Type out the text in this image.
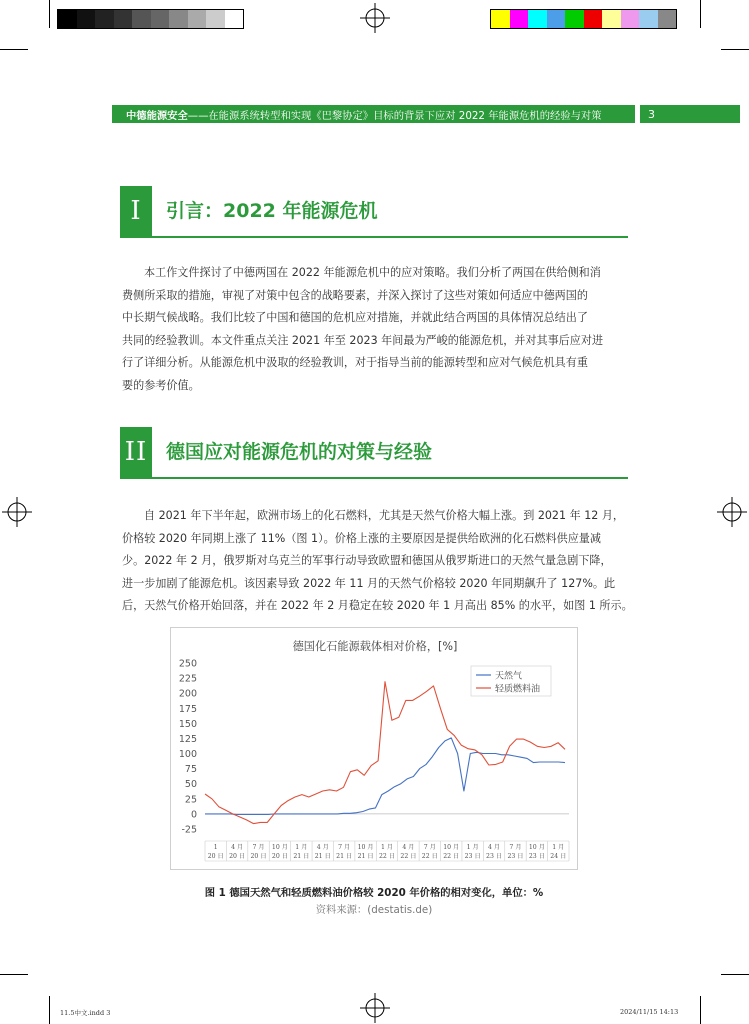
中德能源安全——在能源系统转型和实现《巴黎协定》目标的背景下应对 2022 年能源危机的经验与对策	3
I	引言：2022 年能源危机
本工作文件探讨了中德两国在 2022 年能源危机中的应对策略。我们分析了两国在供给侧和消
费侧所采取的措施，审视了对策中包含的战略要素，并深入探讨了这些对策如何适应中德两国的
中长期气候战略。我们比较了中国和德国的危机应对措施，并就此结合两国的具体情况总结出了
共同的经验教训。本文件重点关注 2021 年至 2023 年间最为严峻的能源危机，并对其事后应对进
行了详细分析。从能源危机中汲取的经验教训，对于指导当前的能源转型和应对气候危机具有重
要的参考价值。
II 德国应对能源危机的对策与经验
自 2021 年下半年起，欧洲市场上的化石燃料，尤其是天然气价格大幅上涨。到 2021 年 12 月，
价格较 2020 年同期上涨了 11%（图 1）。价格上涨的主要原因是提供给欧洲的化石燃料供应量减
少。2022 年 2 月，俄罗斯对乌克兰的军事行动导致欧盟和德国从俄罗斯进口的天然气量急剧下降，
进一步加剧了能源危机。该因素导致 2022 年 11 月的天然气价格较 2020 年同期飙升了 127%。此
后，天然气价格开始回落，并在 2022 年 2 月稳定在较 2020 年 1 月高出 85% 的水平，如图 1 所示。
德国化石能源载体相对价格，[%]
-25
0
25
50
75
100
125
150
175
200
225
250
1
20 日
4 月
20 日
7 月
20 日
10 月
20 日
1 月
21 日
4 月
21 日
7 月
21 日
10 月
21 日
1 月
22 日
4 月
22 日
7 月
22 日
10 月
22 日
1 月
23 日
4 月
23 日
7 月
23 日
10 月
23 日
1 月
24 日
天然气
轻质燃料油
图 1 德国天然气和轻质燃料油价格较 2020 年价格的相对变化，单位：%
资料来源：(destatis.de)
11.5中文.indd 3	2024/11/15 14:13
